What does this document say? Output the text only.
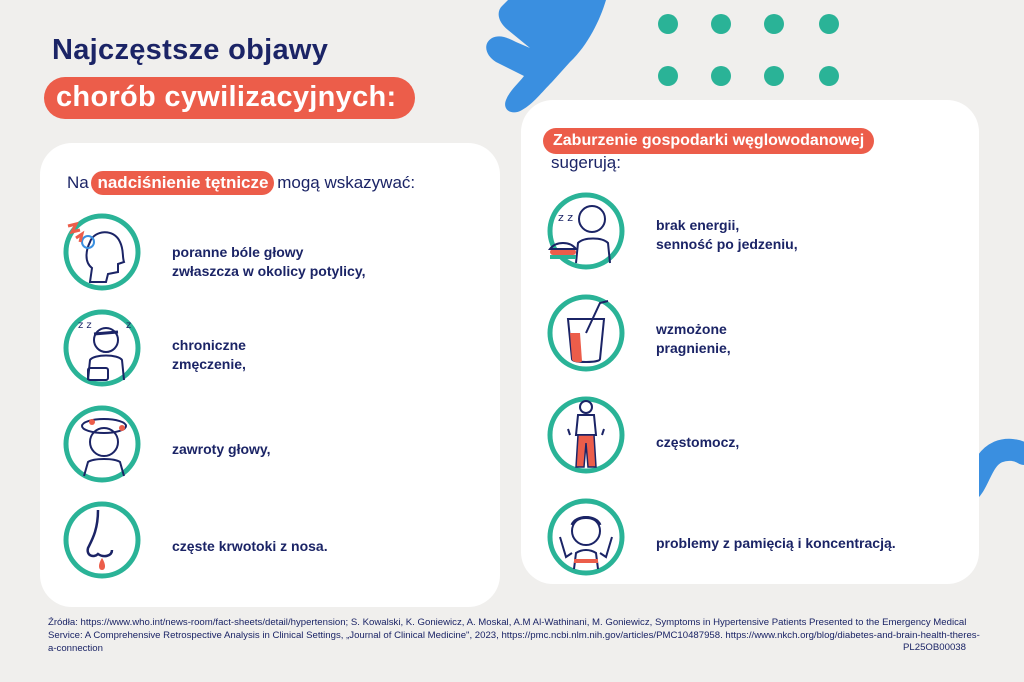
Najczęstsze objawy
chorób cywilizacyjnych:
Na nadciśnienie tętnicze mogą wskazywać:
z z	z
poranne bóle głowy
zwłaszcza w okolicy potylicy,
chroniczne
zmęczenie,
zawroty głowy,
częste krwotoki z nosa.
Zaburzenie gospodarki węglowodanowej
sugerują:
z z	brak energii,
senność po jedzeniu,
wzmożone
pragnienie,
częstomocz,
problemy z pamięcią i koncentracją.
Źródła: https://www.who.int/news-room/fact-sheets/detail/hypertension; S. Kowalski, K. Goniewicz, A. Moskal, A.M Al-Wathinani, M. Goniewicz, Symptoms in Hypertensive Patients Presented to the Emergency Medical Service: A Comprehensive Retrospective Analysis in Clinical Settings, „Journal of Clinical Medicine", 2023, https://pmc.ncbi.nlm.nih.gov/articles/PMC10487958. https://www.nkch.org/blog/diabetes-and-brain-health-theres-a-connection	PL25OB00038
